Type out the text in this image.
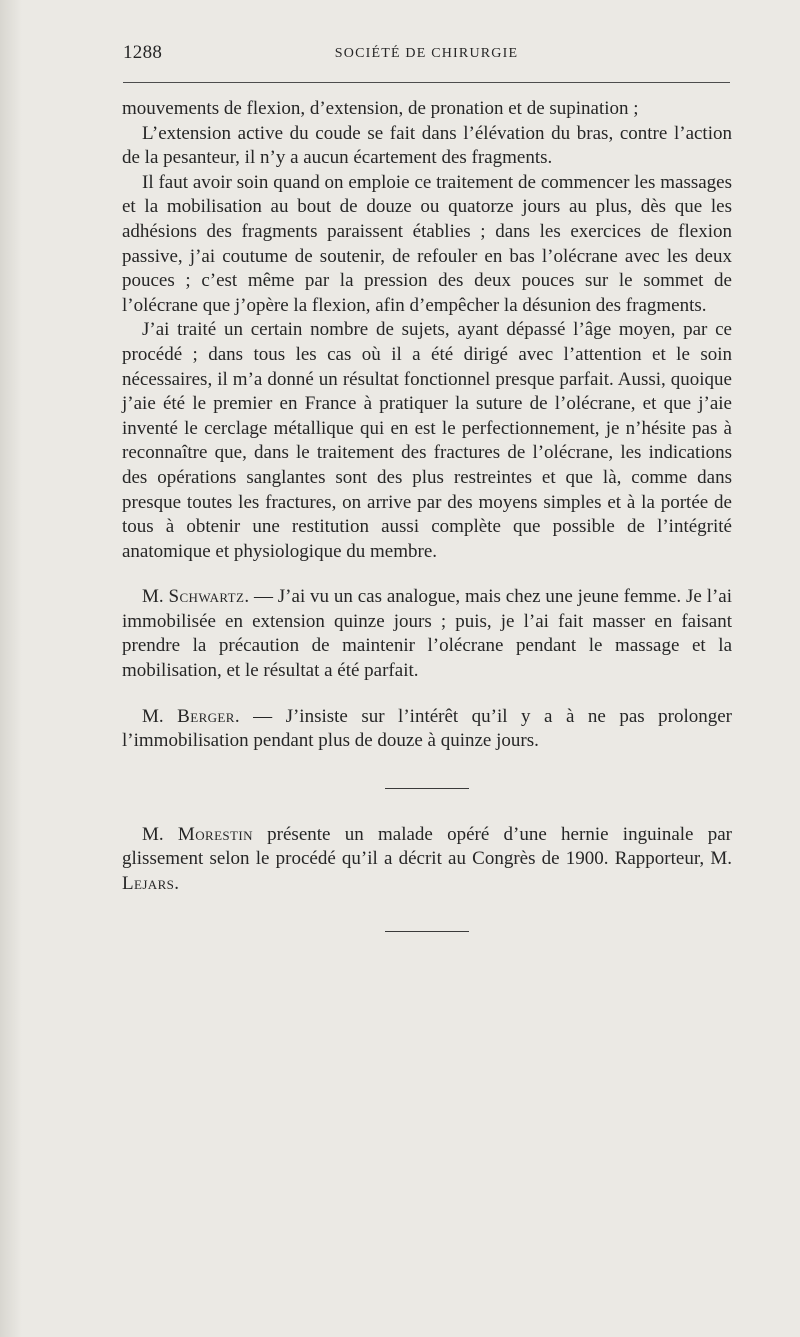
1288	SOCIÉTÉ DE CHIRURGIE

mouvements de flexion, d’extension, de pronation et de supination ;

L’extension active du coude se fait dans l’élévation du bras, contre l’action de la pesanteur, il n’y a aucun écartement des fragments.

Il faut avoir soin quand on emploie ce traitement de commencer les massages et la mobilisation au bout de douze ou quatorze jours au plus, dès que les adhésions des fragments paraissent établies ; dans les exercices de flexion passive, j’ai coutume de soutenir, de refouler en bas l’olécrane avec les deux pouces ; c’est même par la pression des deux pouces sur le sommet de l’olécrane que j’opère la flexion, afin d’empêcher la désunion des fragments.

J’ai traité un certain nombre de sujets, ayant dépassé l’âge moyen, par ce procédé ; dans tous les cas où il a été dirigé avec l’attention et le soin nécessaires, il m’a donné un résultat fonctionnel presque parfait. Aussi, quoique j’aie été le premier en France à pratiquer la suture de l’olécrane, et que j’aie inventé le cerclage métallique qui en est le perfectionnement, je n’hésite pas à reconnaître que, dans le traitement des fractures de l’olécrane, les indications des opérations sanglantes sont des plus restreintes et que là, comme dans presque toutes les fractures, on arrive par des moyens simples et à la portée de tous à obtenir une restitution aussi complète que possible de l’intégrité anatomique et physiologique du membre.

M. Schwartz. — J’ai vu un cas analogue, mais chez une jeune femme. Je l’ai immobilisée en extension quinze jours ; puis, je l’ai fait masser en faisant prendre la précaution de maintenir l’olécrane pendant le massage et la mobilisation, et le résultat a été parfait.

M. Berger. — J’insiste sur l’intérêt qu’il y a à ne pas prolonger l’immobilisation pendant plus de douze à quinze jours.

M. Morestin présente un malade opéré d’une hernie inguinale par glissement selon le procédé qu’il a décrit au Congrès de 1900. Rapporteur, M. Lejars.
